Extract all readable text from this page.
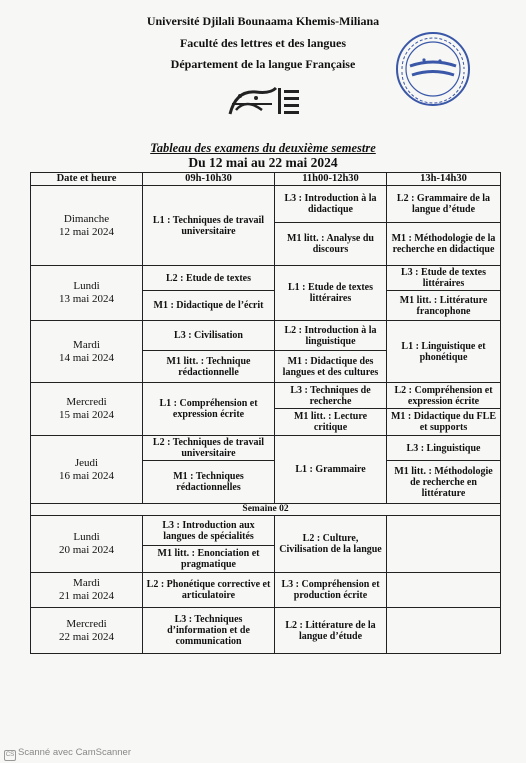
Université Djilali Bounaama Khemis-Miliana
Faculté des lettres et des langues
Département de la langue Française
Tableau des examens du deuxième semestre
Du 12 mai au 22 mai 2024
Date et heure	09h-10h30	11h00-12h30	13h-14h30
Dimanche
12 mai 2024	L1 : Techniques de travail universitaire	L3 : Introduction à la didactique	L2 : Grammaire de la langue d’étude
		M1 litt. : Analyse du discours	M1 : Méthodologie de la recherche en didactique
Lundi
13 mai 2024	L2 : Etude de textes	L1 : Etude de textes littéraires	L3 : Etude de textes littéraires
	M1 : Didactique de l’écrit		M1 litt. : Littérature francophone
Mardi
14 mai 2024	L3 : Civilisation	L2 : Introduction à la linguistique	L1 : Linguistique et phonétique
	M1 litt. : Technique rédactionnelle	M1 : Didactique des langues et des cultures	
Mercredi
15 mai 2024	L1 : Compréhension et expression écrite	L3 : Techniques de recherche	L2 : Compréhension et expression écrite
		M1 litt. : Lecture critique	M1 : Didactique du FLE et supports
Jeudi
16 mai 2024	L2 : Techniques de travail universitaire	L1 : Grammaire	L3 : Linguistique
	M1 : Techniques rédactionnelles		M1 litt. : Méthodologie de recherche en littérature
Semaine 02			
Lundi
20 mai 2024	L3 : Introduction aux langues de spécialités	L2 : Culture, Civilisation de la langue	
	M1 litt. : Enonciation et pragmatique		
Mardi
21 mai 2024	L2 : Phonétique corrective et articulatoire	L3 : Compréhension et production écrite	
Mercredi
22 mai 2024	L3 : Techniques d’information et de communication	L2 : Littérature de la langue d’étude	
CS Scanné avec CamScanner
